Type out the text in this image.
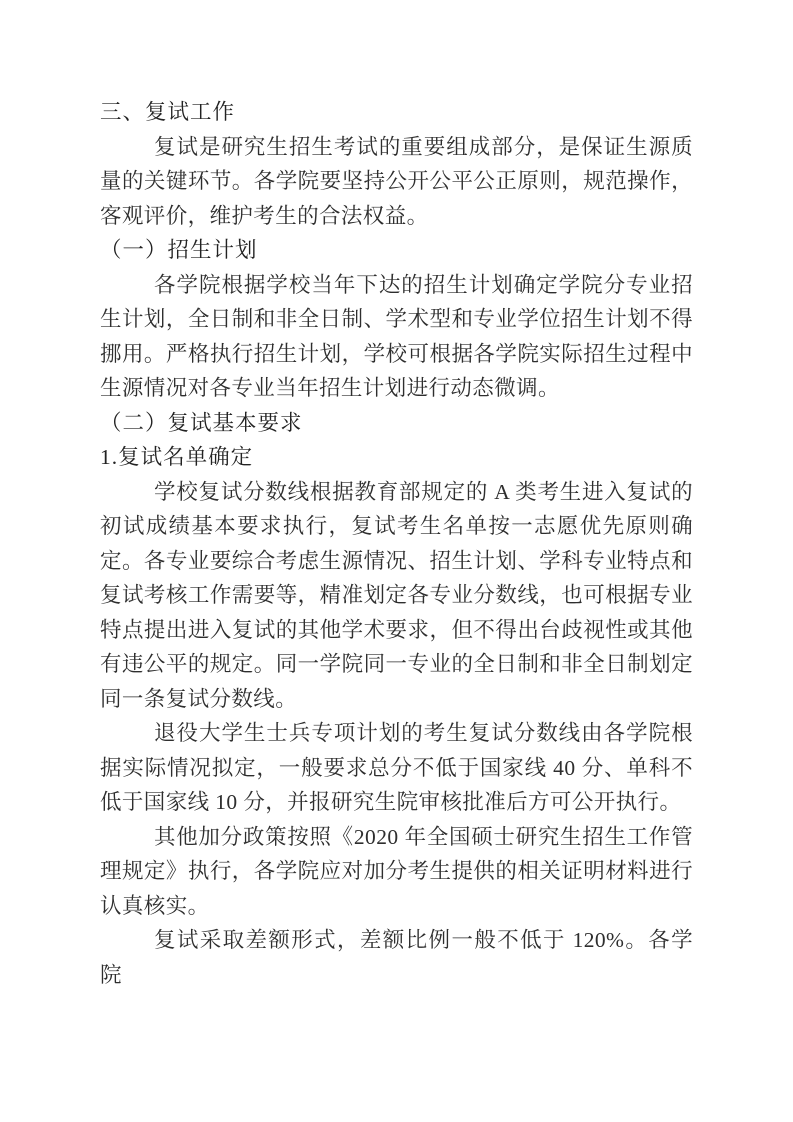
三、复试工作

复试是研究生招生考试的重要组成部分，是保证生源质量的关键环节。各学院要坚持公开公平公正原则，规范操作，客观评价，维护考生的合法权益。

（一）招生计划

各学院根据学校当年下达的招生计划确定学院分专业招生计划，全日制和非全日制、学术型和专业学位招生计划不得挪用。严格执行招生计划，学校可根据各学院实际招生过程中生源情况对各专业当年招生计划进行动态微调。

（二）复试基本要求
1.复试名单确定

学校复试分数线根据教育部规定的 A 类考生进入复试的初试成绩基本要求执行，复试考生名单按一志愿优先原则确定。各专业要综合考虑生源情况、招生计划、学科专业特点和复试考核工作需要等，精准划定各专业分数线，也可根据专业特点提出进入复试的其他学术要求，但不得出台歧视性或其他有违公平的规定。同一学院同一专业的全日制和非全日制划定同一条复试分数线。

退役大学生士兵专项计划的考生复试分数线由各学院根据实际情况拟定，一般要求总分不低于国家线 40 分、单科不低于国家线 10 分，并报研究生院审核批准后方可公开执行。

其他加分政策按照《2020 年全国硕士研究生招生工作管理规定》执行，各学院应对加分考生提供的相关证明材料进行认真核实。

复试采取差额形式，差额比例一般不低于 120%。各学院
